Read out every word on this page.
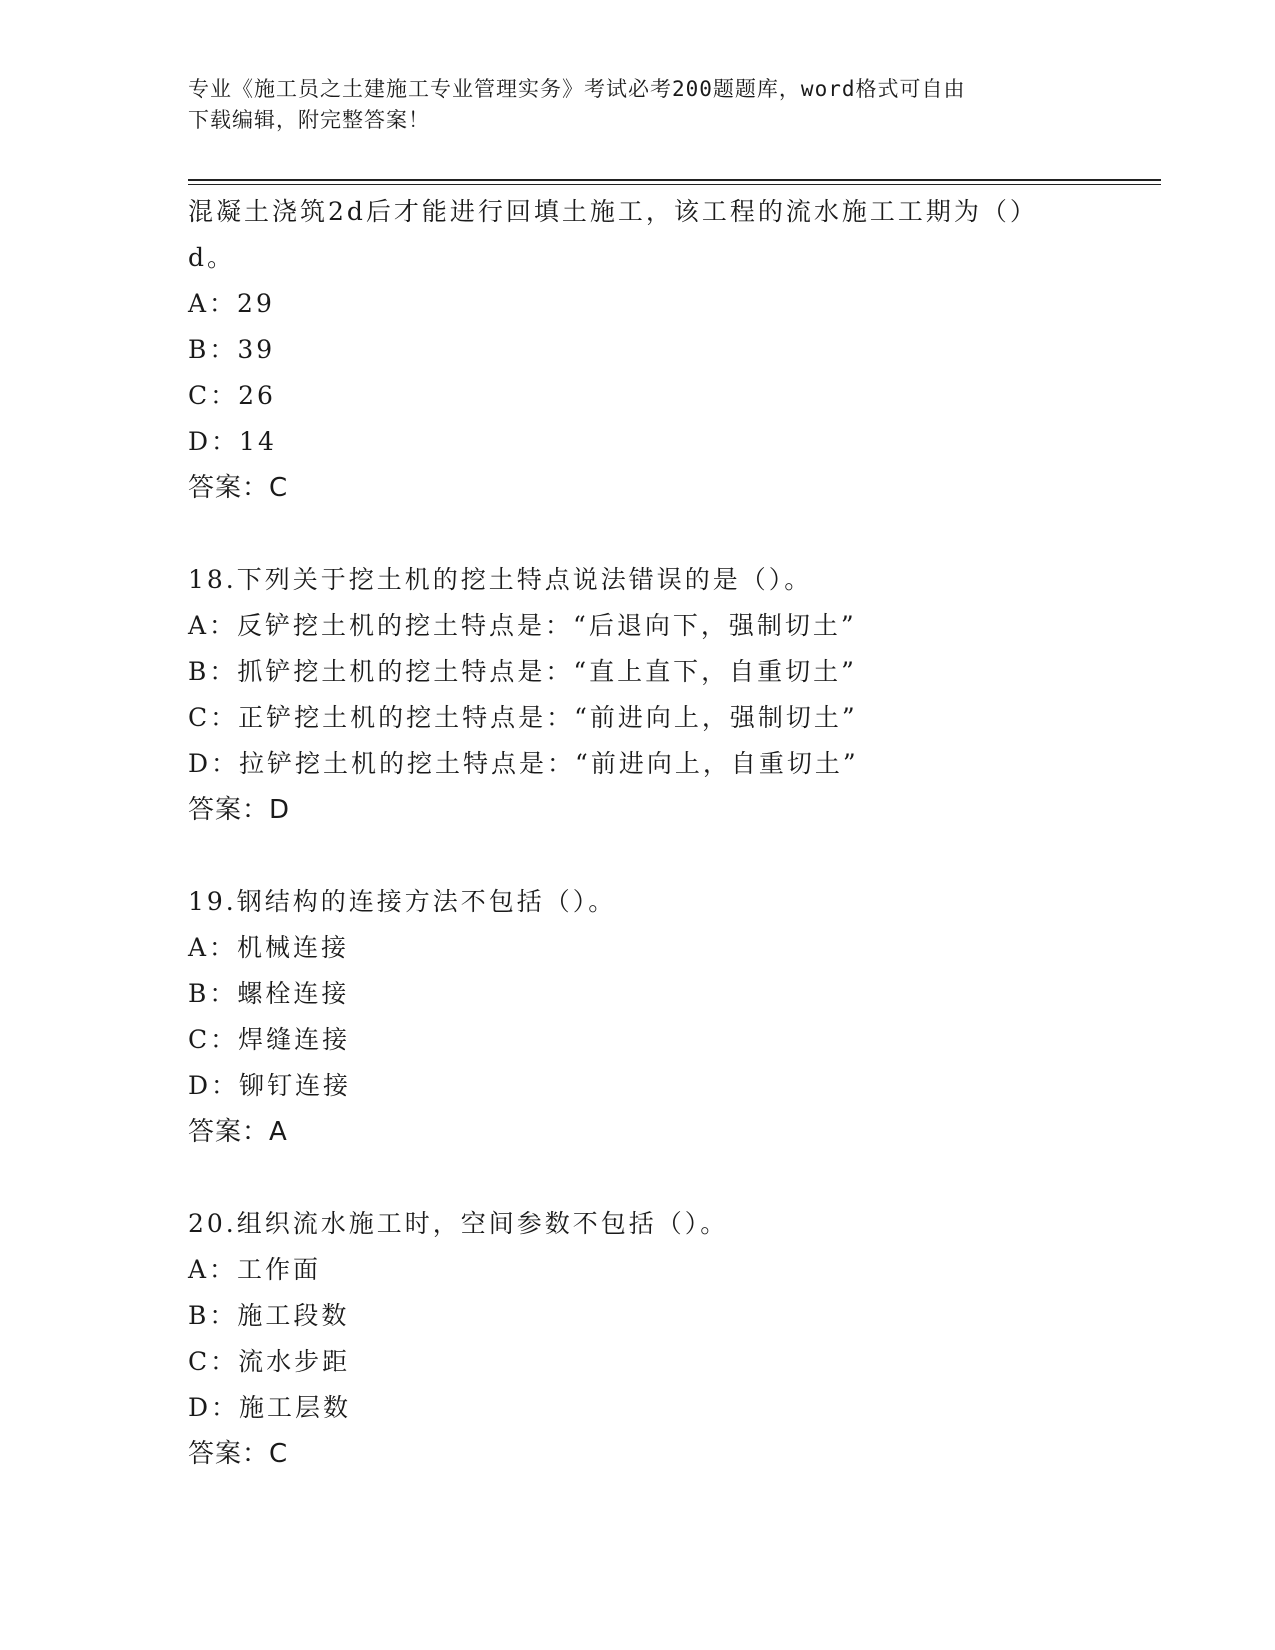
专业《施工员之土建施工专业管理实务》考试必考200题题库，word格式可自由
下载编辑，附完整答案！
混凝土浇筑2d后才能进行回填土施工，该工程的流水施工工期为（）
d。
A：29
B：39
C：26
D：14
答案：C
18.下列关于挖土机的挖土特点说法错误的是（）。
A：反铲挖土机的挖土特点是：“后退向下，强制切土”
B：抓铲挖土机的挖土特点是：“直上直下，自重切土”
C：正铲挖土机的挖土特点是：“前进向上，强制切土”
D：拉铲挖土机的挖土特点是：“前进向上，自重切土”
答案：D
19.钢结构的连接方法不包括（）。
A：机械连接
B：螺栓连接
C：焊缝连接
D：铆钉连接
答案：A
20.组织流水施工时，空间参数不包括（）。
A：工作面
B：施工段数
C：流水步距
D：施工层数
答案：C
